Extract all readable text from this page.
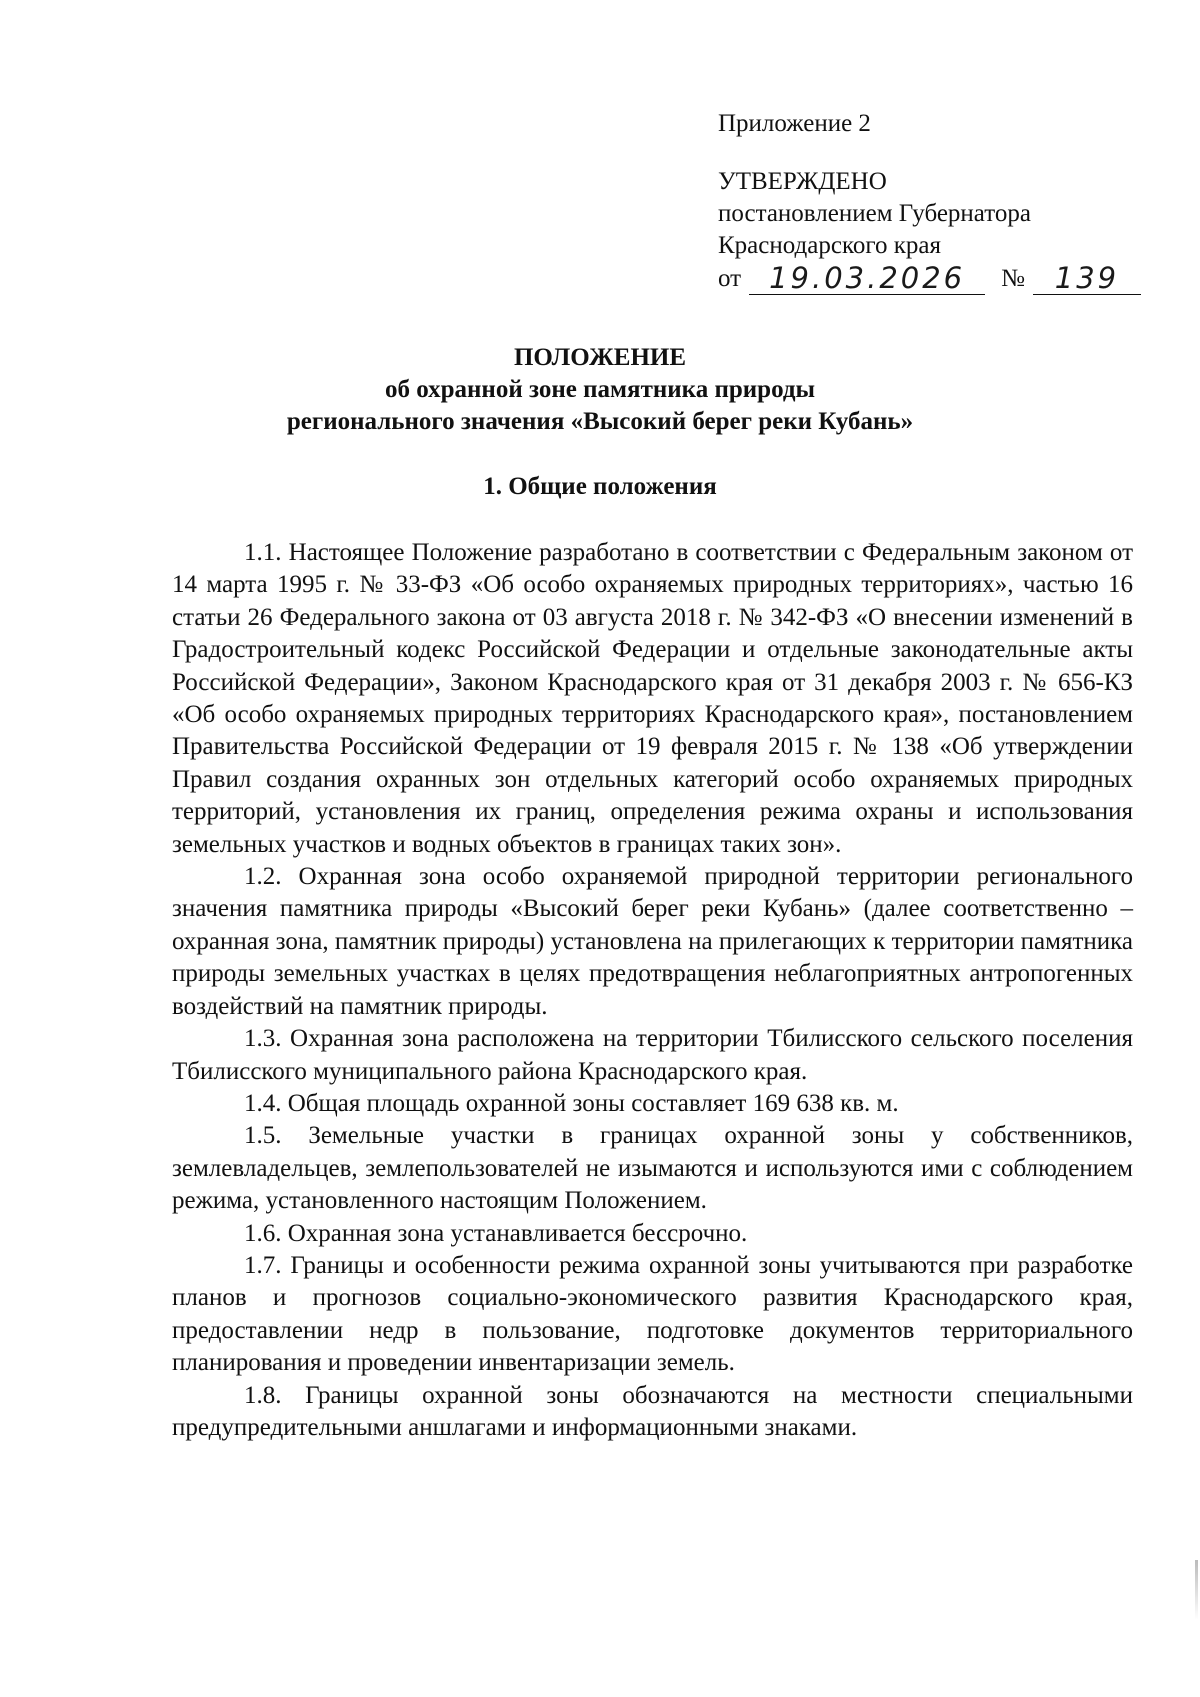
Приложение 2
УТВЕРЖДЕНО
постановлением Губернатора
Краснодарского края
от 19.03.2026	№	139
ПОЛОЖЕНИЕ
об охранной зоне памятника природы
регионального значения «Высокий берег реки Кубань»
1. Общие положения

1.1. Настоящее Положение разработано в соответствии с Федеральным законом от 14 марта 1995 г. № 33-ФЗ «Об особо охраняемых природных территориях», частью 16 статьи 26 Федерального закона от 03 августа 2018 г. № 342-ФЗ «О внесении изменений в Градостроительный кодекс Российской Федерации и отдельные законодательные акты Российской Федерации», Законом Краснодарского края от 31 декабря 2003 г. № 656-КЗ «Об особо охраняемых природных территориях Краснодарского края», постановлением Правительства Российской Федерации от 19 февраля 2015 г. № 138 «Об утверждении Правил создания охранных зон отдельных категорий особо охраняемых природных территорий, установления их границ, определения режима охраны и использования земельных участков и водных объектов в границах таких зон».

1.2. Охранная зона особо охраняемой природной территории регионального значения памятника природы «Высокий берег реки Кубань» (далее соответственно – охранная зона, памятник природы) установлена на прилегающих к территории памятника природы земельных участках в целях предотвращения неблагоприятных антропогенных воздействий на памятник природы.

1.3. Охранная зона расположена на территории Тбилисского сельского поселения Тбилисского муниципального района Краснодарского края.

1.4. Общая площадь охранной зоны составляет 169 638 кв. м.

1.5. Земельные участки в границах охранной зоны у собственников, землевладельцев, землепользователей не изымаются и используются ими с соблюдением режима, установленного настоящим Положением.

1.6. Охранная зона устанавливается бессрочно.

1.7. Границы и особенности режима охранной зоны учитываются при разработке планов и прогнозов социально-экономического развития Краснодарского края, предоставлении недр в пользование, подготовке документов территориального планирования и проведении инвентаризации земель.

1.8. Границы охранной зоны обозначаются на местности специальными предупредительными аншлагами и информационными знаками.
